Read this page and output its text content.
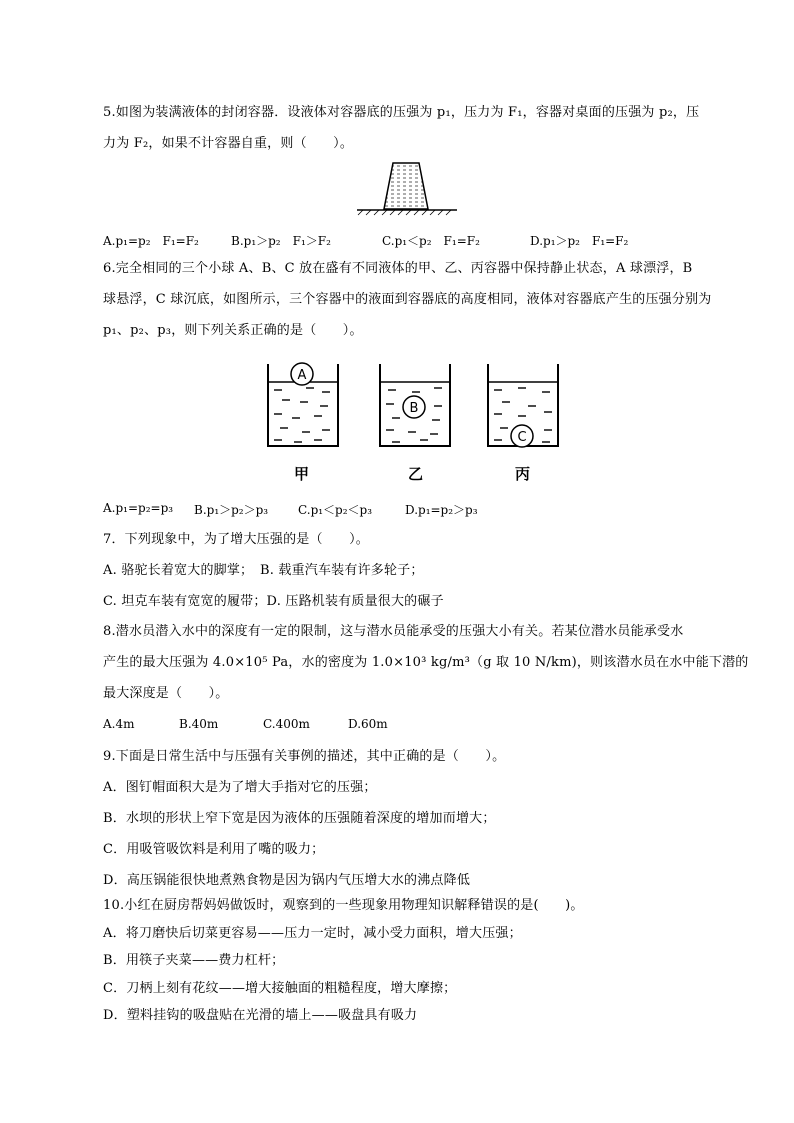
5.如图为装满液体的封闭容器．设液体对容器底的压强为 p₁，压力为 F₁，容器对桌面的压强为 p₂，压
力为 F₂，如果不计容器自重，则（　　）。
A.p₁=p₂　F₁=F₂	B.p₁＞p₂　F₁＞F₂	C.p₁＜p₂　F₁=F₂	D.p₁＞p₂　F₁=F₂
6.完全相同的三个小球 A、B、C 放在盛有不同液体的甲、乙、丙容器中保持静止状态，A 球漂浮，B
球悬浮，C 球沉底，如图所示，三个容器中的液面到容器底的高度相同，液体对容器底产生的压强分别为
p₁、p₂、p₃，则下列关系正确的是（　　）。
A
B
C
甲	乙	丙
A.p₁=p₂=p₃ B.p₁＞p₂＞p₃ C.p₁＜p₂＜p₃	D.p₁=p₂＞p₃
7．下列现象中，为了增大压强的是（　　）。
A. 骆驼长着宽大的脚掌；　B. 载重汽车装有许多轮子；
C. 坦克车装有宽宽的履带；D. 压路机装有质量很大的碾子
8.潜水员潜入水中的深度有一定的限制，这与潜水员能承受的压强大小有关。若某位潜水员能承受水
产生的最大压强为 4.0×10⁵ Pa，水的密度为 1.0×10³ kg/m³（g 取 10 N/km)，则该潜水员在水中能下潜的
最大深度是（　　）。
A.4m	B.40m	C.400m	D.60m
9.下面是日常生活中与压强有关事例的描述，其中正确的是（　　）。
A．图钉帽面积大是为了增大手指对它的压强；
B．水坝的形状上窄下宽是因为液体的压强随着深度的增加而增大；
C．用吸管吸饮料是利用了嘴的吸力；
D．高压锅能很快地煮熟食物是因为锅内气压增大水的沸点降低
10.小红在厨房帮妈妈做饭时，观察到的一些现象用物理知识解释错误的是(　　)。
A．将刀磨快后切菜更容易——压力一定时，减小受力面积，增大压强；
B．用筷子夹菜——费力杠杆；
C．刀柄上刻有花纹——增大接触面的粗糙程度，增大摩擦；
D．塑料挂钩的吸盘贴在光滑的墙上——吸盘具有吸力
